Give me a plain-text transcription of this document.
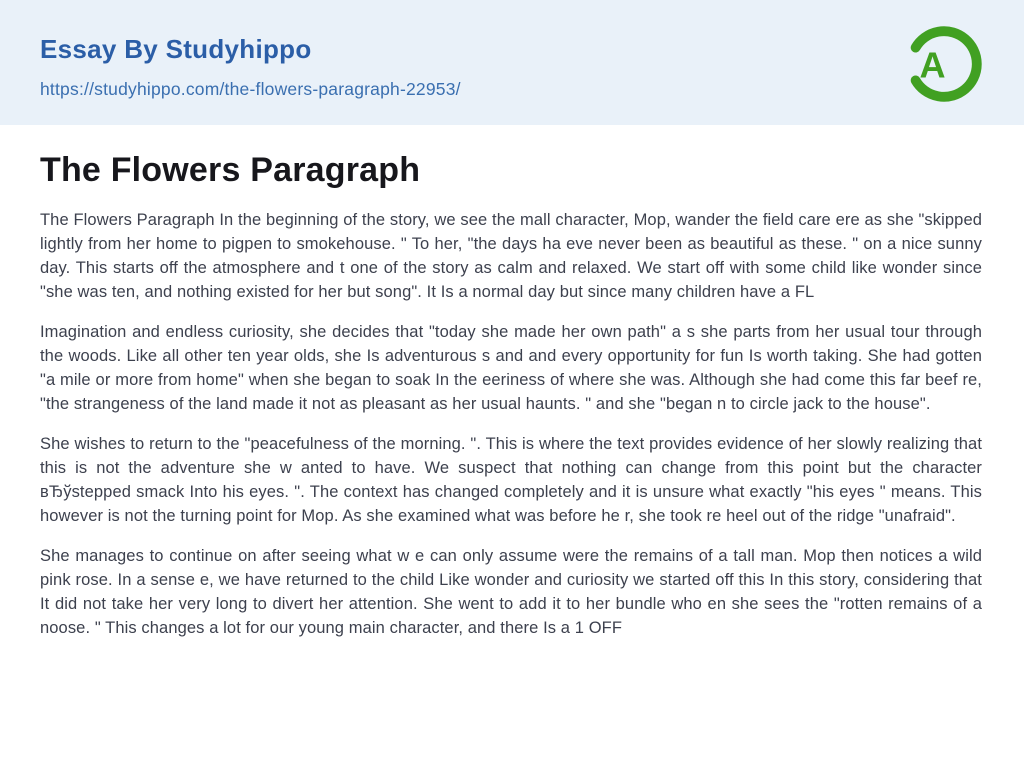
Essay By Studyhippo
https://studyhippo.com/the-flowers-paragraph-22953/
A
The Flowers Paragraph

The Flowers Paragraph In the beginning of the story, we see the mall character, Mop, wander the field care ere as she "skipped lightly from her home to pigpen to smokehouse. " To her, "the days ha eve never been as beautiful as these. " on a nice sunny day. This starts off the atmosphere and t one of the story as calm and relaxed. We start off with some child like wonder since "she was ten, and nothing existed for her but song". It Is a normal day but since many children have a FL

Imagination and endless curiosity, she decides that "today she made her own path" a s she parts from her usual tour through the woods. Like all other ten year olds, she Is adventurous s and and every opportunity for fun Is worth taking. She had gotten "a mile or more from home" when she began to soak In the eeriness of where she was. Although she had come this far beef re, "the strangeness of the land made it not as pleasant as her usual haunts. " and she "began n to circle jack to the house".

She wishes to return to the "peacefulness of the morning. ". This is where the text provides evidence of her slowly realizing that this is not the adventure she w anted to have. We suspect that nothing can change from this point but the character вЂўstepped smack Into his eyes. ". The context has changed completely and it is unsure what exactly "his eyes " means. This however is not the turning point for Mop. As she examined what was before he r, she took re heel out of the ridge "unafraid".

She manages to continue on after seeing what w e can only assume were the remains of a tall man. Mop then notices a wild pink rose. In a sense e, we have returned to the child Like wonder and curiosity we started off this In this story, considering that It did not take her very long to divert her attention. She went to add it to her bundle who en she sees the "rotten remains of a noose. " This changes a lot for our young main character, and there Is a 1 OFF
